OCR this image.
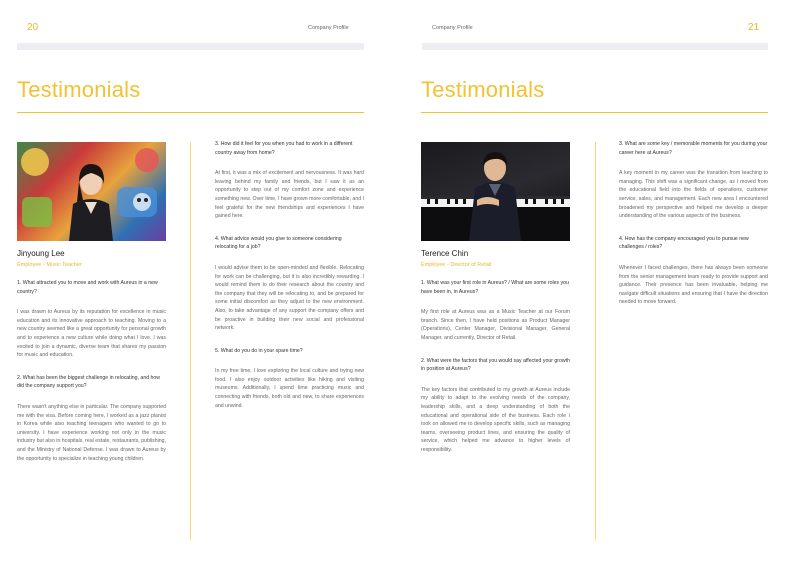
20	Company Profile	Company Profile	21
Testimonials	Testimonials
Jinyoung Lee
Employee - Music Teacher
1. What attracted you to move and work with Aureus in a new country?
I was drawn to Aureus by its reputation for excellence in music education and its innovative approach to teaching. Moving to a new country seemed like a great opportunity for personal growth and to experience a new culture while doing what I love. I was excited to join a dynamic, diverse team that shares my passion for music and education.
2. What has been the biggest challenge in relocating, and how did the company support you?
There wasn't anything else in particular. The company supported me with the visa. Before coming here, I worked as a jazz pianist in Korea while also teaching teenagers who wanted to go to university. I have experience working not only in the music industry but also in hospitals, real estate, restaurants, publishing, and the Ministry of National Defense. I was drawn to Aureus by the opportunity to specialize in teaching young children.
3. How did it feel for you when you had to work in a different country away from home?
At first, it was a mix of excitement and nervousness. It was hard leaving behind my family and friends, but I saw it as an opportunity to step out of my comfort zone and experience something new. Over time, I have grown more comfortable, and I feel grateful for the new friendships and experiences I have gained here.
4. What advice would you give to someone considering relocating for a job?
I would advise them to be open-minded and flexible. Relocating for work can be challenging, but it is also incredibly rewarding. I would remind them to do their research about the country and the company that they will be relocating to, and be prepared for some initial discomfort as they adjust to the new environment. Also, to take advantage of any support the company offers and be proactive in building their new social and professional network.
5. What do you do in your spare time?
In my free time, I love exploring the local culture and trying new food. I also enjoy outdoor activities like hiking and visiting museums. Additionally, I spend time practicing music and connecting with friends, both old and new, to share experiences and unwind.
Terence Chin
Employee - Director of Retail
1. What was your first role in Aureus? / What are some roles you have been in, in Aureus?
My first role at Aureus was as a Music Teacher at our Forum branch. Since then, I have held positions as Product Manager (Operations), Center Manager, Divisional Manager, General Manager, and currently, Director of Retail.
2. What were the factors that you would say affected your growth in position at Aureus?
The key factors that contributed to my growth at Aureus include my ability to adapt to the evolving needs of the company, leadership skills, and a deep understanding of both the educational and operational side of the business. Each role I took on allowed me to develop specific skills, such as managing teams, overseeing product lines, and ensuring the quality of service, which helped me advance to higher levels of responsibility.
3. What are some key / memorable moments for you during your career here at Aureus?
A key moment in my career was the transition from teaching to managing. This shift was a significant change, as I moved from the educational field into the fields of operations, customer service, sales, and management. Each new area I encountered broadened my perspective and helped me develop a deeper understanding of the various aspects of the business.
4. How has the company encouraged you to pursue new challenges / roles?
Whenever I faced challenges, there has always been someone from the senior management team ready to provide support and guidance. Their presence has been invaluable, helping me navigate difficult situations and ensuring that I have the direction needed to move forward.
